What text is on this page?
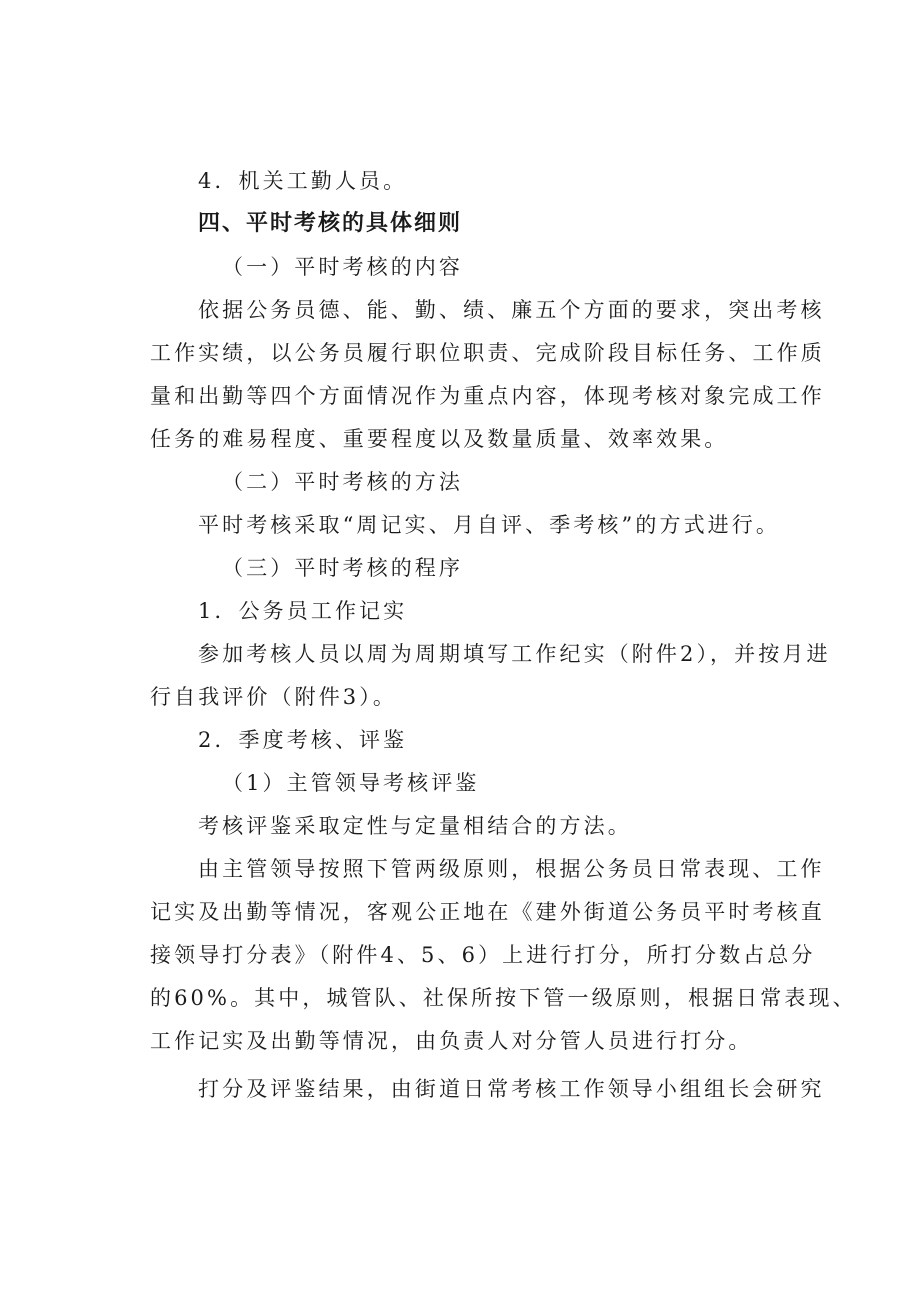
4．机关工勤人员。
四、平时考核的具体细则
（一）平时考核的内容
依据公务员德、能、勤、绩、廉五个方面的要求，突出考核
工作实绩，以公务员履行职位职责、完成阶段目标任务、工作质
量和出勤等四个方面情况作为重点内容，体现考核对象完成工作
任务的难易程度、重要程度以及数量质量、效率效果。
（二）平时考核的方法
平时考核采取“周记实、月自评、季考核”的方式进行。
（三）平时考核的程序
1．公务员工作记实
参加考核人员以周为周期填写工作纪实（附件2），并按月进
行自我评价（附件3）。
2．季度考核、评鉴
（1）主管领导考核评鉴
考核评鉴采取定性与定量相结合的方法。
由主管领导按照下管两级原则，根据公务员日常表现、工作
记实及出勤等情况，客观公正地在《建外街道公务员平时考核直
接领导打分表》（附件4、5、6）上进行打分，所打分数占总分
的60%。其中，城管队、社保所按下管一级原则，根据日常表现、
工作记实及出勤等情况，由负责人对分管人员进行打分。
打分及评鉴结果，由街道日常考核工作领导小组组长会研究
